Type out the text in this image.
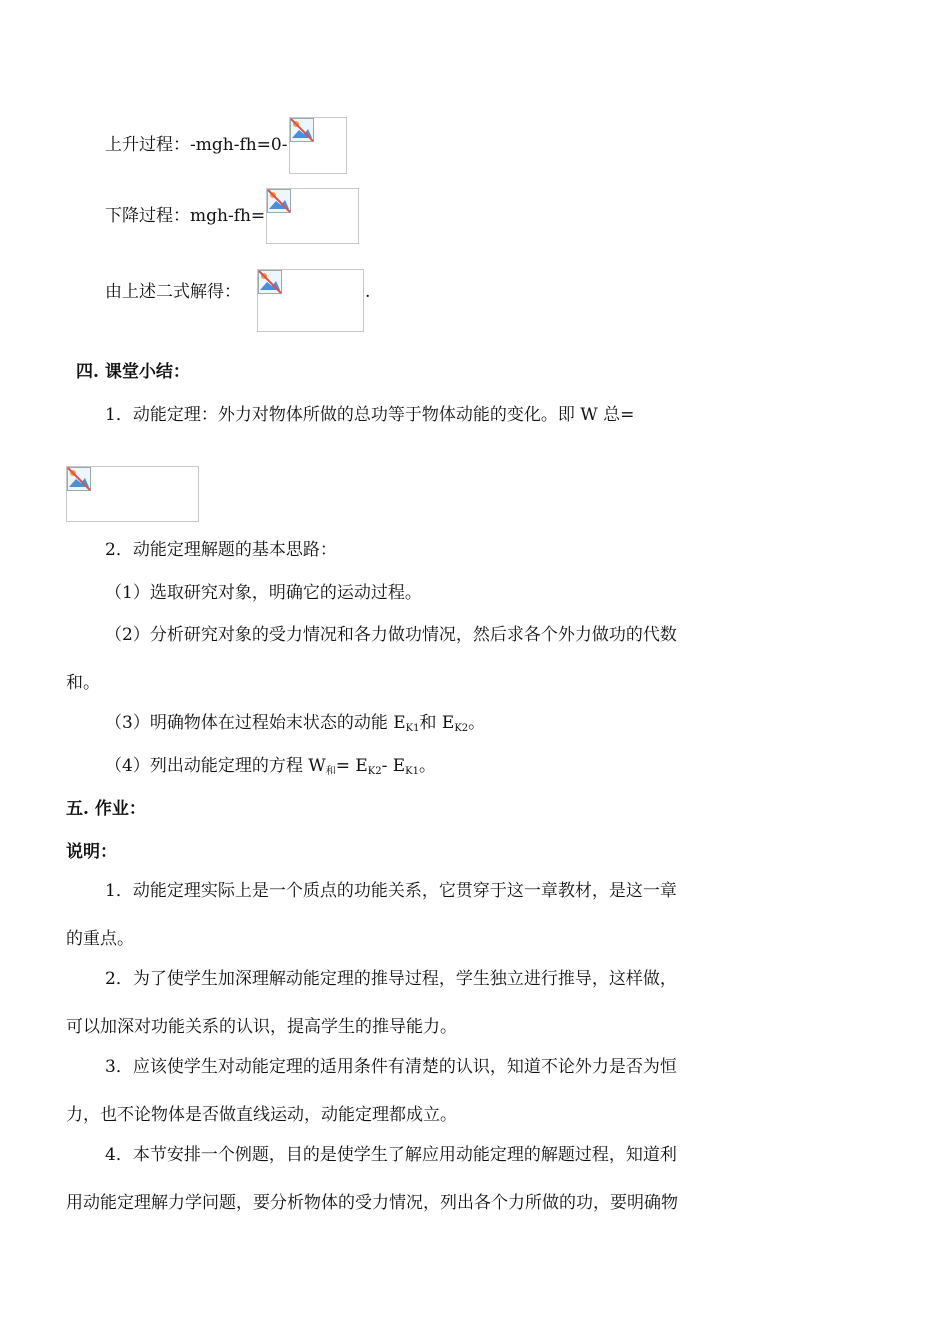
上升过程：-mgh-fh=0-
下降过程：mgh-fh=
由上述二式解得：	.
四. 课堂小结：
1．动能定理：外力对物体所做的总功等于物体动能的变化。即 W 总=
2．动能定理解题的基本思路：
（1）选取研究对象，明确它的运动过程。
（2）分析研究对象的受力情况和各力做功情况，然后求各个外力做功的代数
和。
（3）明确物体在过程始末状态的动能 $E_{K1}$和 $E_{K2}$。
（4）列出动能定理的方程 $W_和= E_{K2}-$ $E_{K1}$。
五. 作业：
说明：
1．动能定理实际上是一个质点的功能关系，它贯穿于这一章教材，是这一章
的重点。
2．为了使学生加深理解动能定理的推导过程，学生独立进行推导，这样做，
可以加深对功能关系的认识，提高学生的推导能力。
3．应该使学生对动能定理的适用条件有清楚的认识，知道不论外力是否为恒
力，也不论物体是否做直线运动，动能定理都成立。
4．本节安排一个例题，目的是使学生了解应用动能定理的解题过程，知道利
用动能定理解力学问题，要分析物体的受力情况，列出各个力所做的功，要明确物
